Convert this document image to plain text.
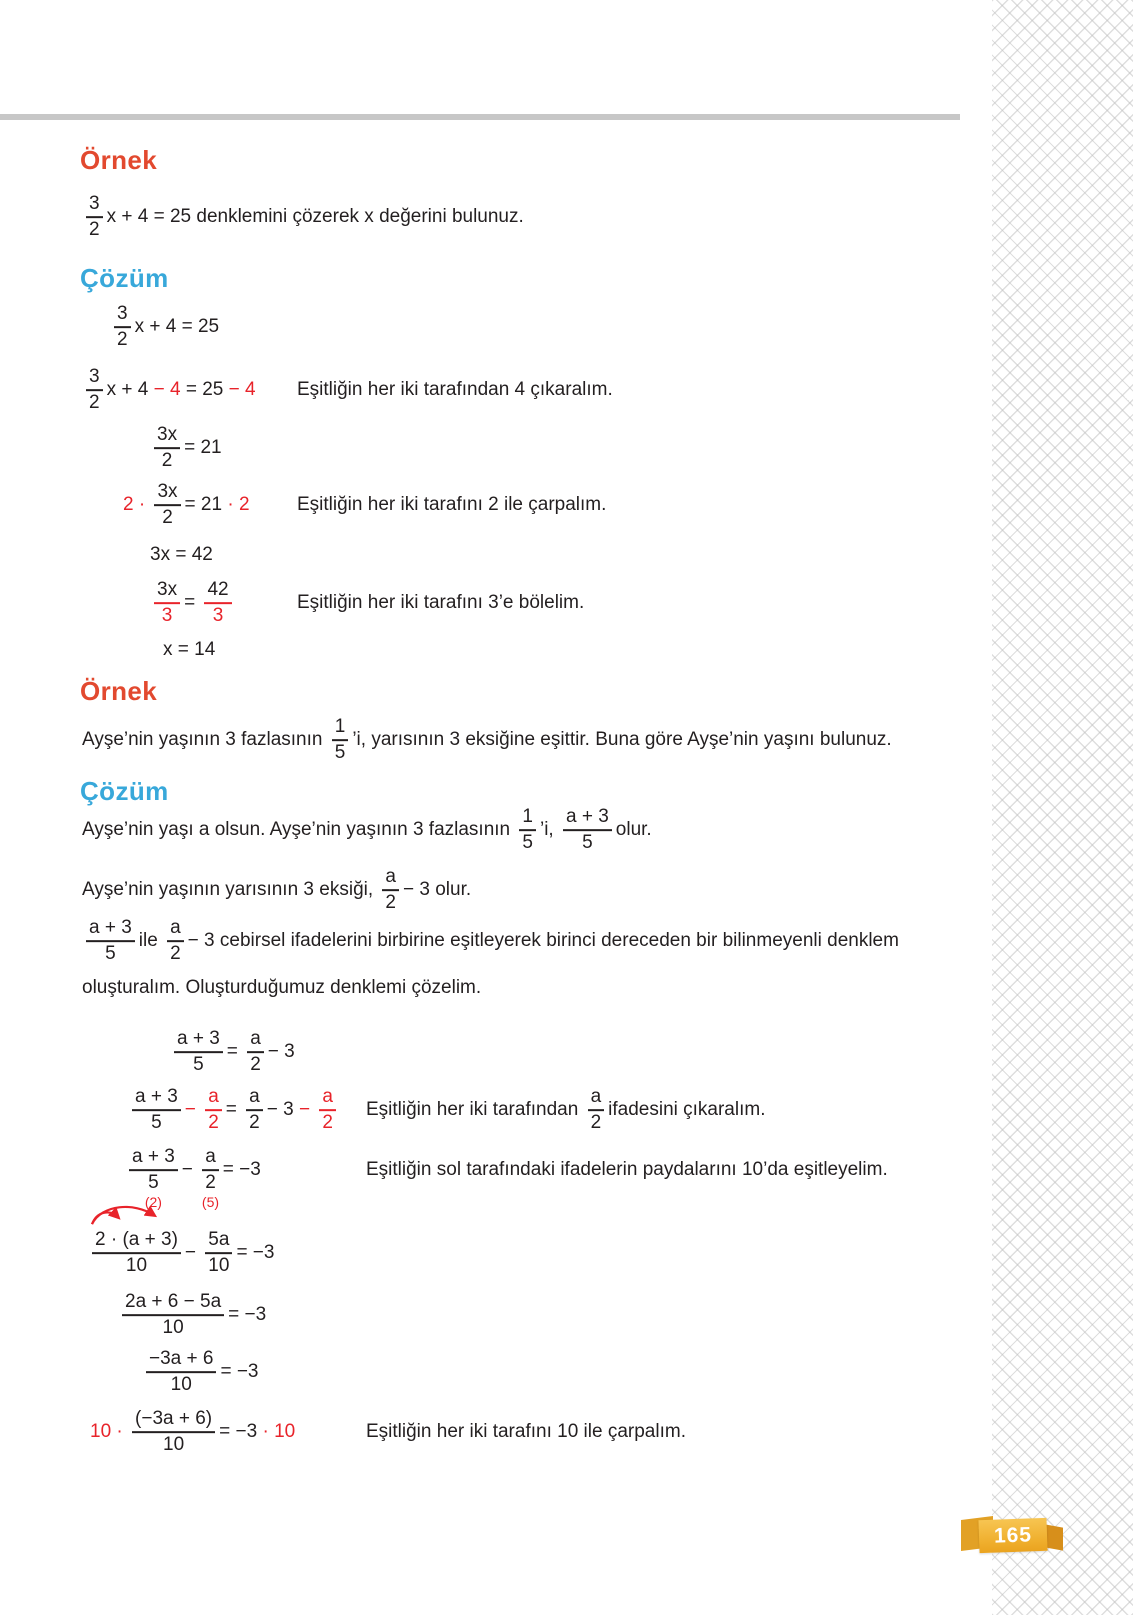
Örnek
$\frac{3}{2}$ x + 4 = 25 denklemini çözerek x değerini bulunuz.
Çözüm
$\frac{3}{2}$ x + 4 = 25
$\frac{3}{2}$ x + 4 − 4 = 25 − 4 Eşitliğin her iki tarafından 4 çıkaralım.
$\frac{3x}{2} = 21$
$2 \cdot \frac{3x}{2} = 21 \cdot 2$ Eşitliğin her iki tarafını 2 ile çarpalım.
3x = 42
$\frac{3x}{3} = \frac{42}{3}$	Eşitliğin her iki tarafını 3’e bölelim.
x = 14
Örnek
Ayşe’nin yaşının 3 fazlasının $\frac{1}{5}$ ’i, yarısının 3 eksiğine eşittir. Buna göre Ayşe’nin yaşını bulunuz.
Çözüm
Ayşe’nin yaşı a olsun. Ayşe’nin yaşının 3 fazlasının $\frac{1}{5}$ ’i, $\frac{a + 3}{5}$ olur.
Ayşe’nin yaşının yarısının 3 eksiği, $\frac{a}{2} - 3$ olur.
$\frac{a + 3}{5}$ ile $\frac{a}{2} - 3$ cebirsel ifadelerini birbirine eşitleyerek birinci dereceden bir bilinmeyenli denklem
oluşturalım. Oluşturduğumuz denklemi çözelim.
$\frac{a + 3}{5} = \frac{a}{2} - 3$
$\frac{a + 3}{5} - \frac{a}{2} = \frac{a}{2} - 3 - \frac{a}{2}$ Eşitliğin her iki tarafından $\frac{a}{2}$ ifadesini çıkaralım.
a + 3
5
(2)
−
a
2
(5)
= −3	Eşitliğin sol tarafındaki ifadelerin paydalarını 10’da eşitleyelim.
$\frac{2 \cdot (a + 3)}{10} - \frac{5a}{10} = -3$
$\frac{2a + 6 - 5a}{10} = -3$
$\frac{-3a + 6}{10} = -3$
$10 \cdot \frac{(-3a + 6)}{10} = -3 \cdot 10$	Eşitliğin her iki tarafını 10 ile çarpalım.
165
